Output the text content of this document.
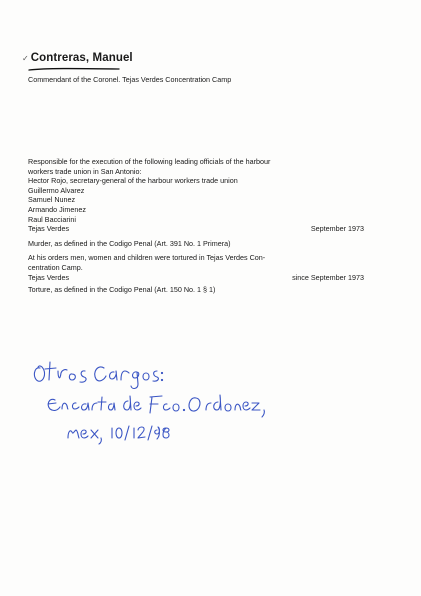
✓ Contreras, Manuel
Commendant of the Coronel. Tejas Verdes Concentration Camp
Responsible for the execution of the following leading officials of the harbour
workers trade union in San Antonio:
Hector Rojo, secretary-general of the harbour workers trade union
Guillermo Alvarez
Samuel Nunez
Armando Jimenez
Raul Bacciarini
Tejas Verdes	September 1973
Murder, as defined in the Codigo Penal (Art. 391 No. 1 Primera)
At his orders men, women and children were tortured in Tejas Verdes Con-
centration Camp.
Tejas Verdes	since September 1973
Torture, as defined in the Codigo Penal (Art. 150 No. 1 § 1)
